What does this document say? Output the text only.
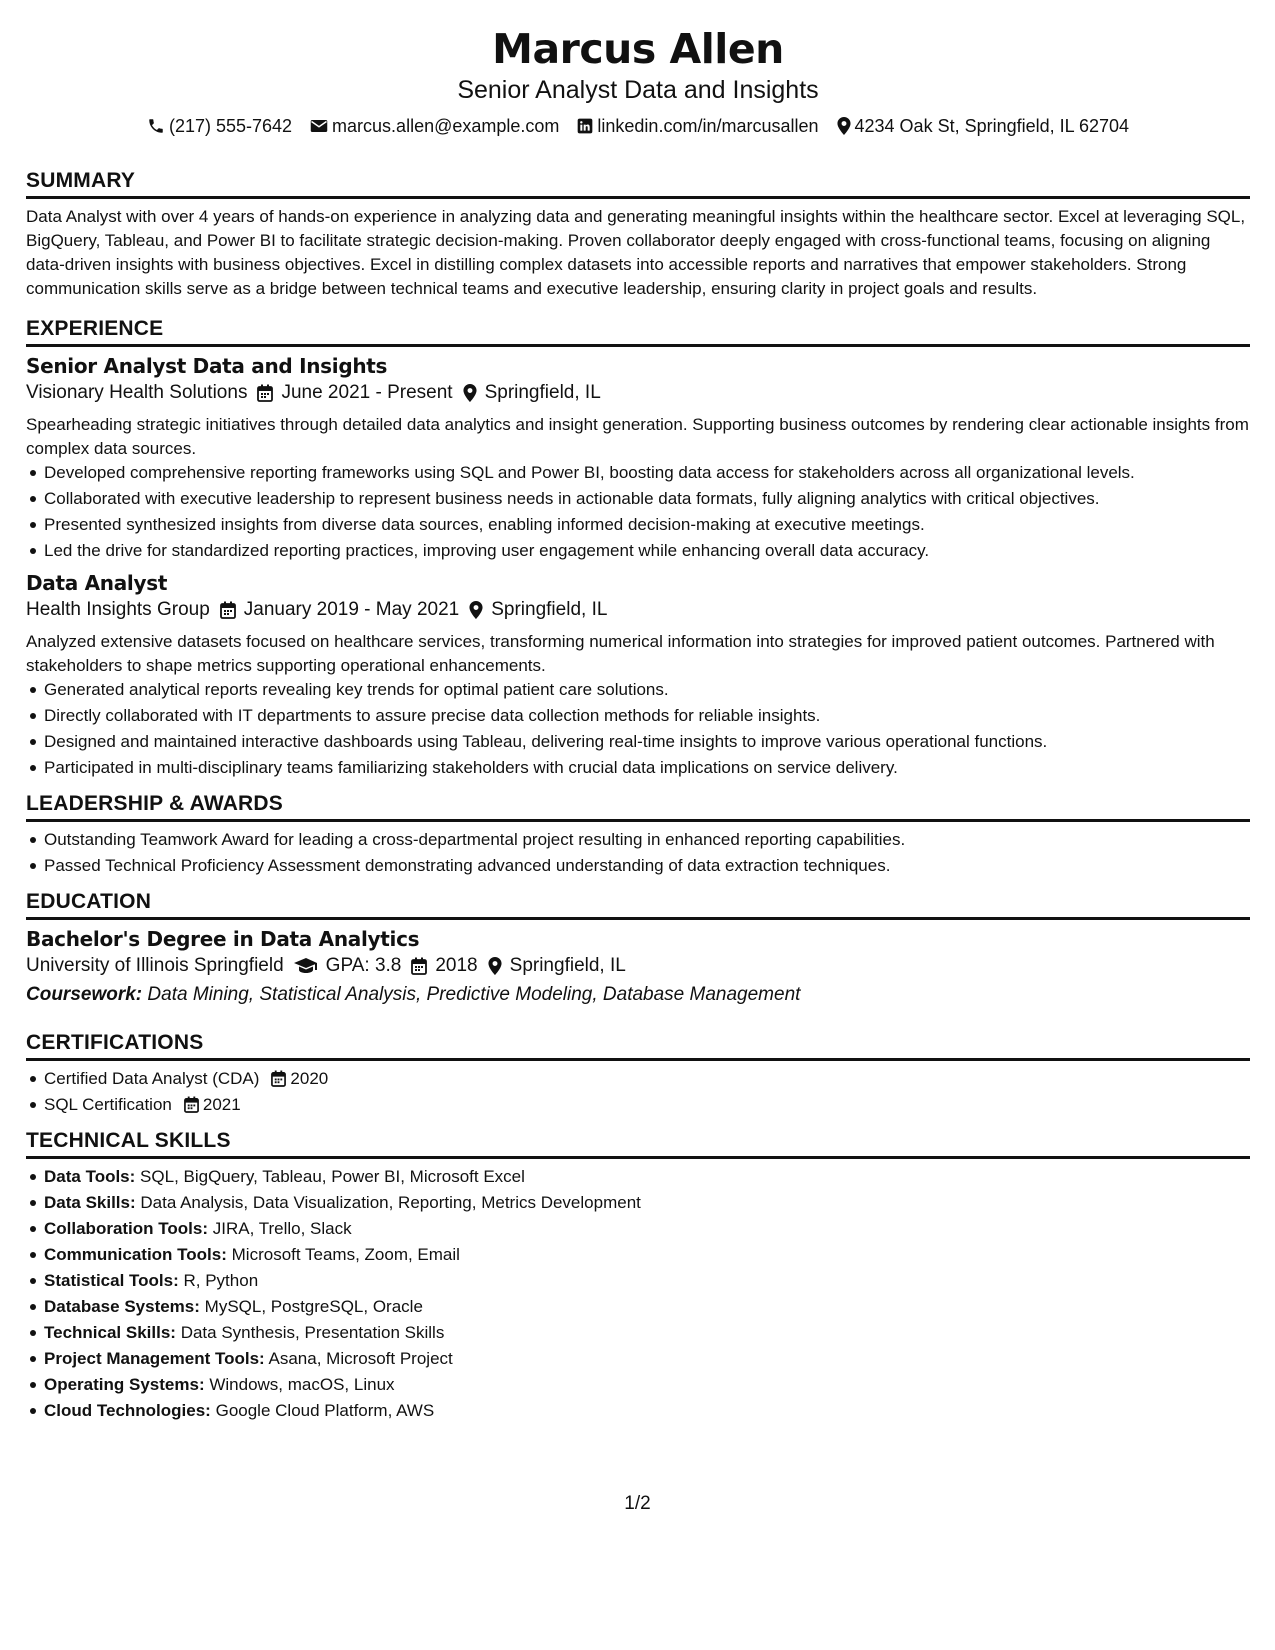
Marcus Allen
Senior Analyst Data and Insights
(217) 555-7642 marcus.allen@example.com linkedin.com/in/marcusallen 4234 Oak St, Springfield, IL 62704
SUMMARY
Data Analyst with over 4 years of hands-on experience in analyzing data and generating meaningful insights within the healthcare sector. Excel at leveraging SQL, BigQuery, Tableau, and Power BI to facilitate strategic decision-making. Proven collaborator deeply engaged with cross-functional teams, focusing on aligning data-driven insights with business objectives. Excel in distilling complex datasets into accessible reports and narratives that empower stakeholders. Strong communication skills serve as a bridge between technical teams and executive leadership, ensuring clarity in project goals and results.
EXPERIENCE
Senior Analyst Data and Insights
Visionary Health Solutions June 2021 - Present Springfield, IL
Spearheading strategic initiatives through detailed data analytics and insight generation. Supporting business outcomes by rendering clear actionable insights from complex data sources.
Developed comprehensive reporting frameworks using SQL and Power BI, boosting data access for stakeholders across all organizational levels.
Collaborated with executive leadership to represent business needs in actionable data formats, fully aligning analytics with critical objectives.
Presented synthesized insights from diverse data sources, enabling informed decision-making at executive meetings.
Led the drive for standardized reporting practices, improving user engagement while enhancing overall data accuracy.
Data Analyst
Health Insights Group January 2019 - May 2021 Springfield, IL
Analyzed extensive datasets focused on healthcare services, transforming numerical information into strategies for improved patient outcomes. Partnered with stakeholders to shape metrics supporting operational enhancements.
Generated analytical reports revealing key trends for optimal patient care solutions.
Directly collaborated with IT departments to assure precise data collection methods for reliable insights.
Designed and maintained interactive dashboards using Tableau, delivering real-time insights to improve various operational functions.
Participated in multi-disciplinary teams familiarizing stakeholders with crucial data implications on service delivery.
LEADERSHIP & AWARDS
Outstanding Teamwork Award for leading a cross-departmental project resulting in enhanced reporting capabilities.
Passed Technical Proficiency Assessment demonstrating advanced understanding of data extraction techniques.
EDUCATION
Bachelor's Degree in Data Analytics
University of Illinois Springfield GPA: 3.8 2018 Springfield, IL
Coursework: Data Mining, Statistical Analysis, Predictive Modeling, Database Management
CERTIFICATIONS
Certified Data Analyst (CDA) 2020
SQL Certification 2021
TECHNICAL SKILLS
Data Tools: SQL, BigQuery, Tableau, Power BI, Microsoft Excel
Data Skills: Data Analysis, Data Visualization, Reporting, Metrics Development
Collaboration Tools: JIRA, Trello, Slack
Communication Tools: Microsoft Teams, Zoom, Email
Statistical Tools: R, Python
Database Systems: MySQL, PostgreSQL, Oracle
Technical Skills: Data Synthesis, Presentation Skills
Project Management Tools: Asana, Microsoft Project
Operating Systems: Windows, macOS, Linux
Cloud Technologies: Google Cloud Platform, AWS
1/2
